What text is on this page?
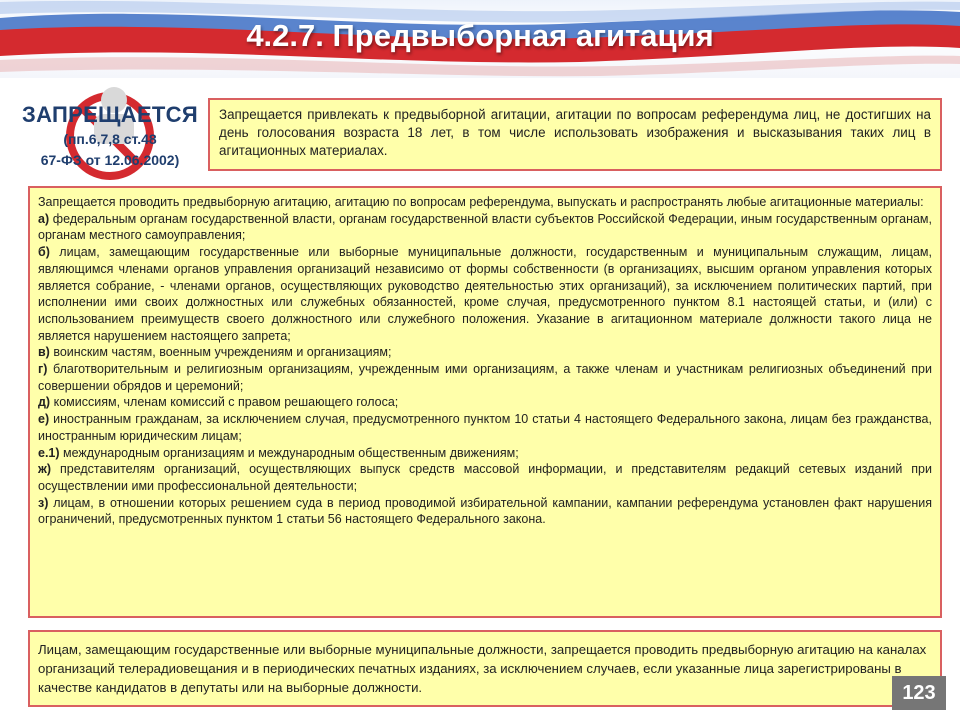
4.2.7. Предвыборная агитация
ЗАПРЕЩАЕТСЯ
(пп.6,7,8 ст.48
67-ФЗ от 12.06.2002)
Запрещается привлекать к предвыборной агитации, агитации по вопросам референдума лиц, не достигших на день голосования возраста 18 лет, в том числе использовать изображения и высказывания таких лиц в агитационных материалах.

Запрещается проводить предвыборную агитацию, агитацию по вопросам референдума, выпускать и распространять любые агитационные материалы:

а) федеральным органам государственной власти, органам государственной власти субъектов Российской Федерации, иным государственным органам, органам местного самоуправления;

б) лицам, замещающим государственные или выборные муниципальные должности, государственным и муниципальным служащим, лицам, являющимся членами органов управления организаций независимо от формы собственности (в организациях, высшим органом управления которых является собрание, - членами органов, осуществляющих руководство деятельностью этих организаций), за исключением политических партий, при исполнении ими своих должностных или служебных обязанностей, кроме случая, предусмотренного пунктом 8.1 настоящей статьи, и (или) с использованием преимуществ своего должностного или служебного положения. Указание в агитационном материале должности такого лица не является нарушением настоящего запрета;

в) воинским частям, военным учреждениям и организациям;

г) благотворительным и религиозным организациям, учрежденным ими организациям, а также членам и участникам религиозных объединений при совершении обрядов и церемоний;

д) комиссиям, членам комиссий с правом решающего голоса;

е) иностранным гражданам, за исключением случая, предусмотренного пунктом 10 статьи 4 настоящего Федерального закона, лицам без гражданства, иностранным юридическим лицам;

е.1) международным организациям и международным общественным движениям;

ж) представителям организаций, осуществляющих выпуск средств массовой информации, и представителям редакций сетевых изданий при осуществлении ими профессиональной деятельности;

з) лицам, в отношении которых решением суда в период проводимой избирательной кампании, кампании референдума установлен факт нарушения ограничений, предусмотренных пунктом 1 статьи 56 настоящего Федерального закона.

Лицам, замещающим государственные или выборные муниципальные должности, запрещается проводить предвыборную агитацию на каналах организаций телерадиовещания и в периодических печатных изданиях, за исключением случаев, если указанные лица зарегистрированы в качестве кандидатов в депутаты или на выборные должности.	123
